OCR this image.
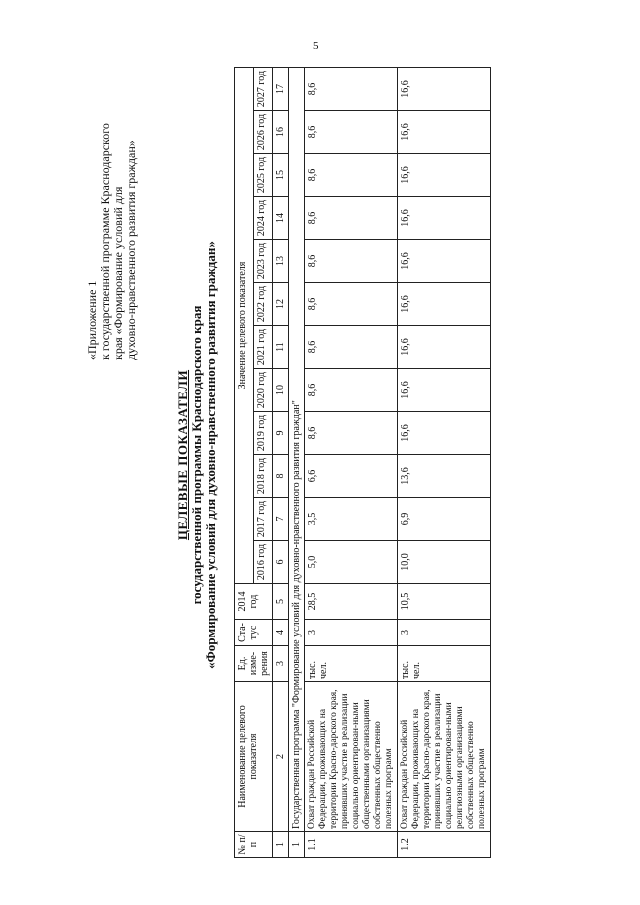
5
«Приложение 1 к государственной программе Краснодарского края «Формирование условий для духовно-нравственного развития граждан»
ЦЕЛЕВЫЕ ПОКАЗАТЕЛИ государственной программы Краснодарского края «Формирование условий для духовно-нравственного развития граждан»
№ п/п	Наименование целевого показателя	Ед. изме-рения	Ста-тус	2014 год	Значение целевого показателя											
					2016 год	2017 год	2018 год	2019 год	2020 год	2021 год	2022 год	2023 год	2024 год	2025 год	2026 год	2027 год
1	2	3	4	5	6	7	8	9	10	11	12	13	14	15	16	17
1	Государственная программа "Формирование условий для духовно-нравственного развития граждан"															
1.1	Охват граждан Российской Федерации, проживающих на территории Красно-дарского края, принявших участие в реализации социально ориентирован-ными общественными организациями собственных общественно полезных программ	тыс. чел.	3	28,5	5,0	3,5	6,6	8,6	8,6	8,6	8,6	8,6	8,6	8,6	8,6	8,6
1.2	Охват граждан Российской Федерации, проживающих на территории Красно-дарского края, принявших участие в реализации социально ориентирован-ными религиозными организациями собственных общественно полезных программ	тыс. чел.	3	10,5	10,0	6,9	13,6	16,6	16,6	16,6	16,6	16,6	16,6	16,6	16,6	16,6
